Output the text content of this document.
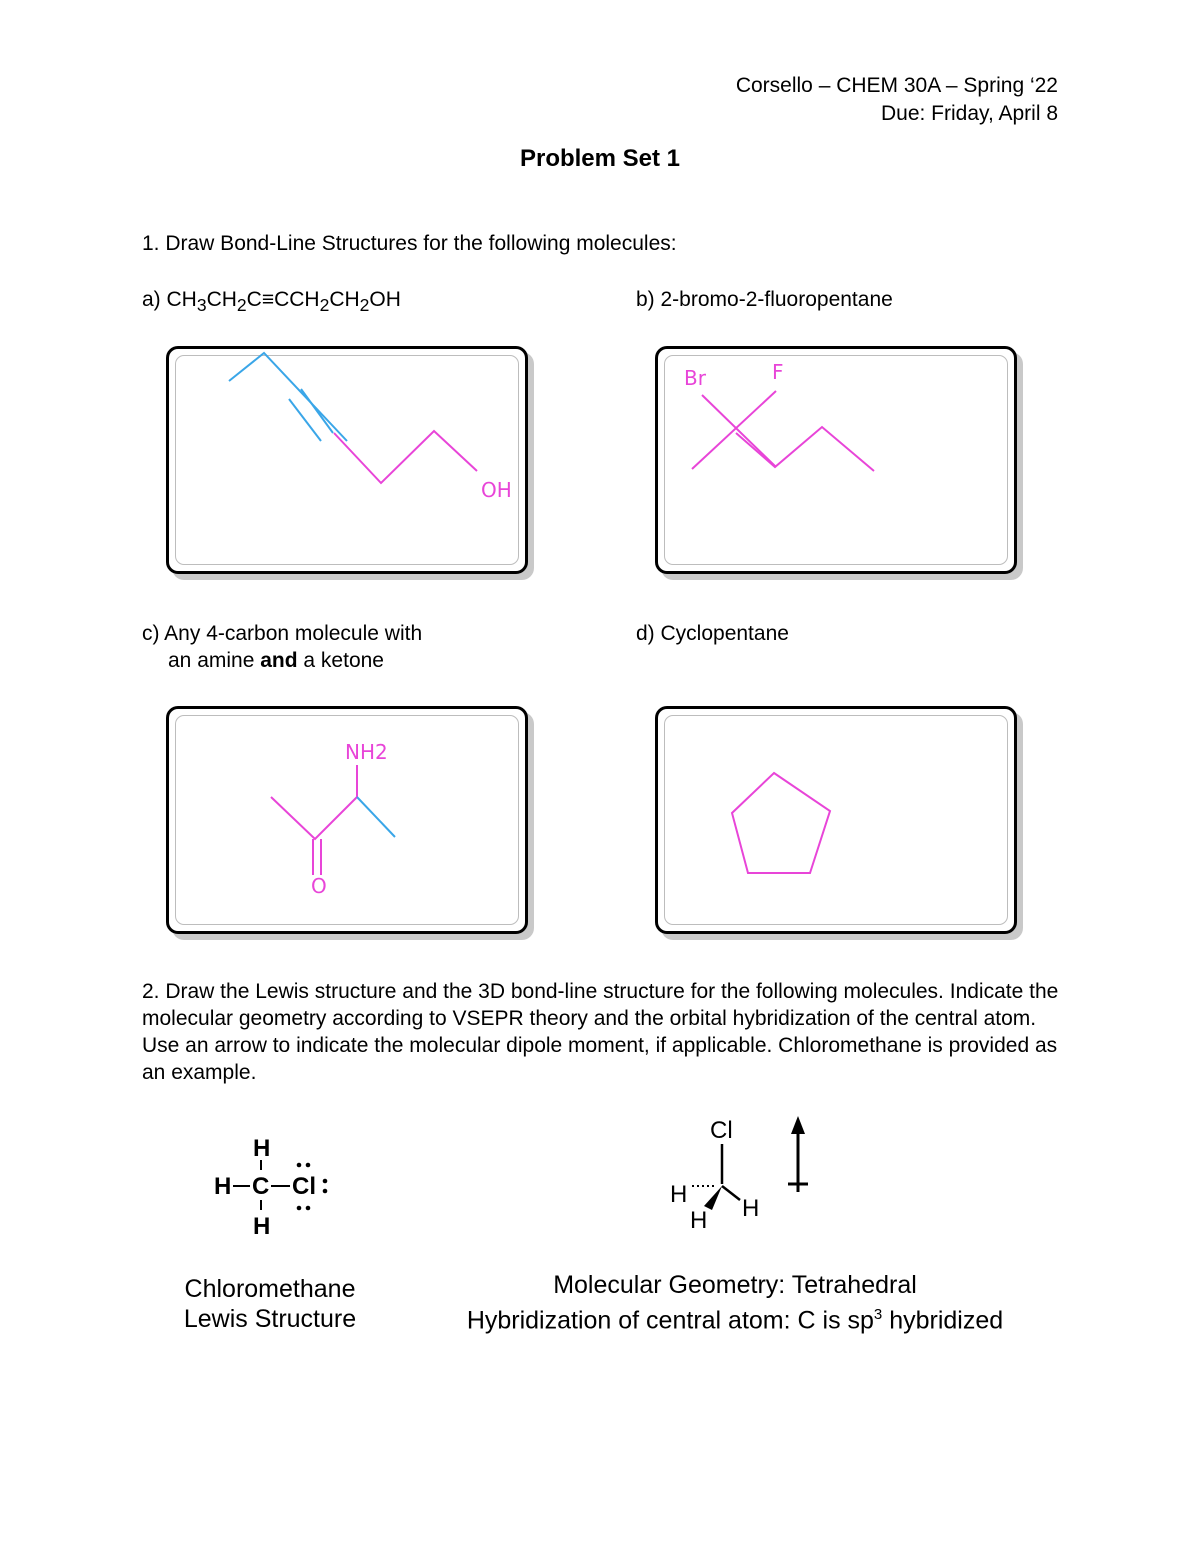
Corsello – CHEM 30A – Spring ‘22
Due: Friday, April 8
Problem Set 1
1. Draw Bond-Line Structures for the following molecules:
a) $CH_3CH_2C\equiv CCH_2CH_2OH$	b) 2-bromo-2-fluoropentane
OH
Br	F
c) Any 4-carbon molecule with
an amine and a ketone
d) Cyclopentane
NH2
O
2. Draw the Lewis structure and the 3D bond-line structure for the following molecules. Indicate the molecular geometry according to VSEPR theory and the orbital hybridization of the central atom. Use an arrow to indicate the molecular dipole moment, if applicable. Chloromethane is provided as an example.
H
H C Cl
H
Chloromethane
Lewis Structure
Cl
H
H H
Molecular Geometry: Tetrahedral
Hybridization of central atom: C is $sp^3$ hybridized
